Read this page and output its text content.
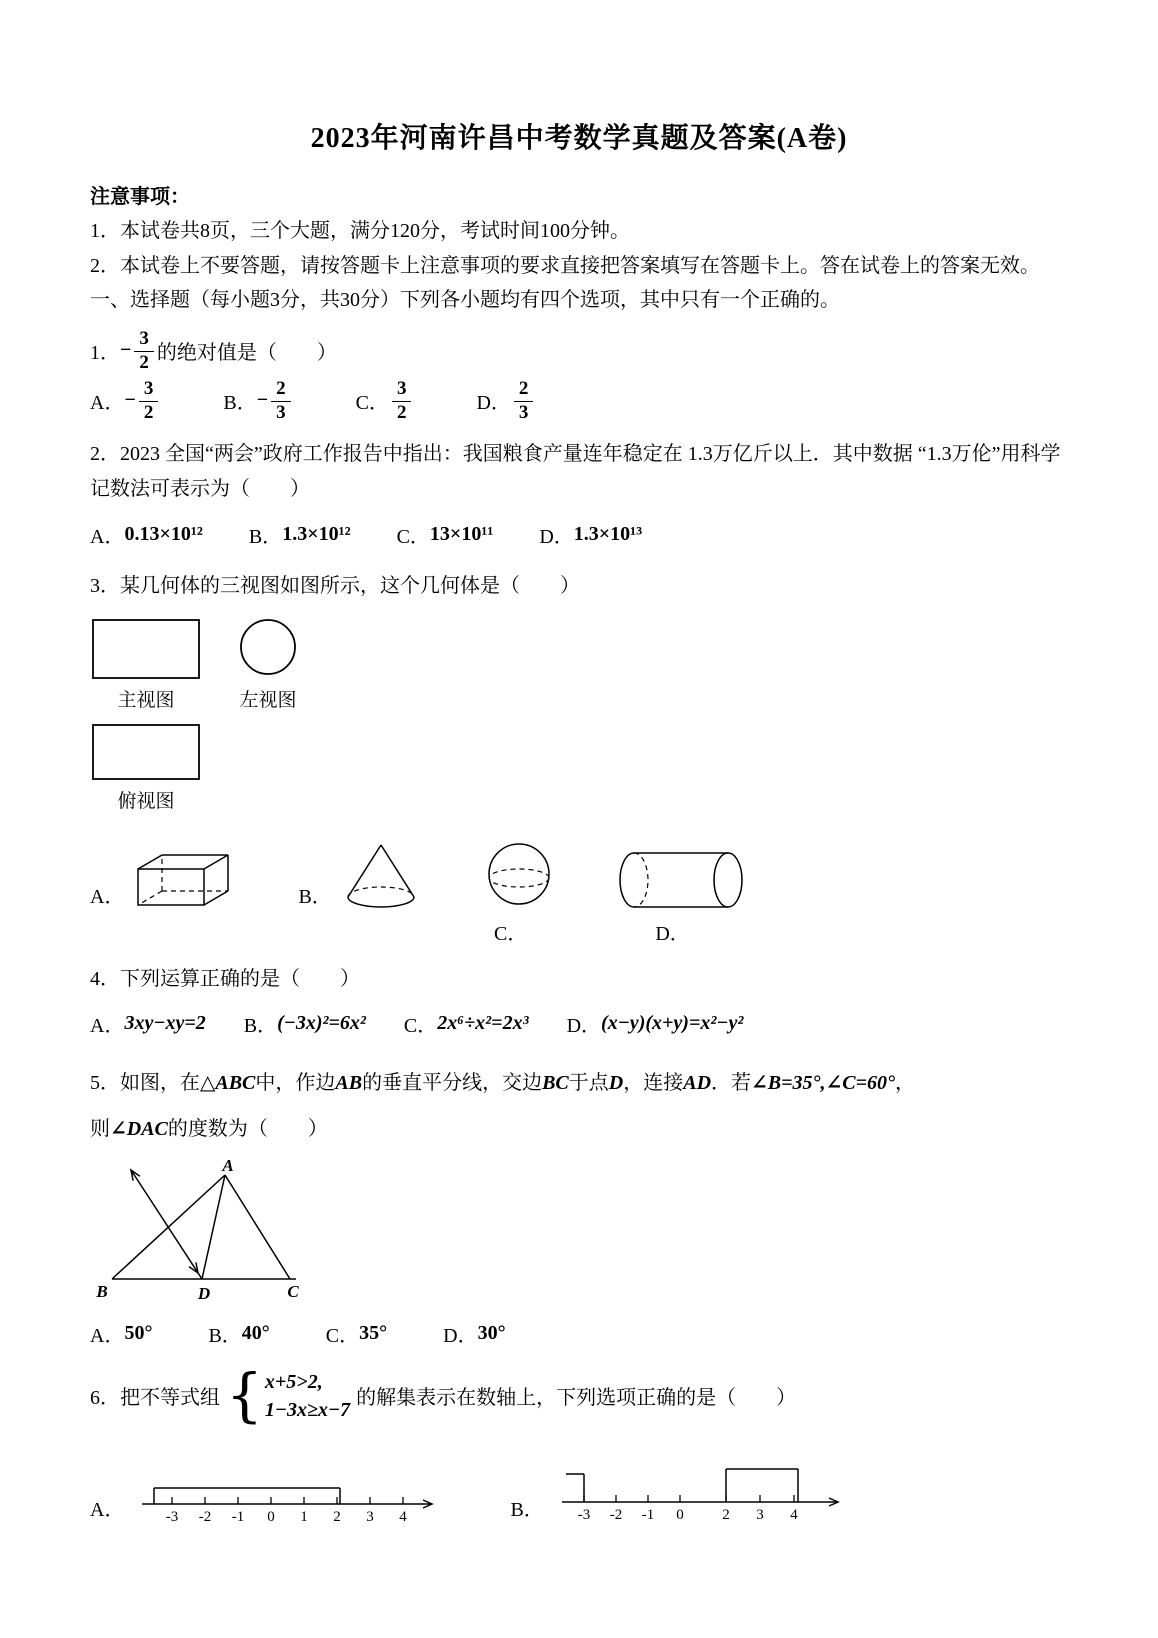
2023年河南许昌中考数学真题及答案(A卷)

注意事项：

1．本试卷共8页，三个大题，满分120分，考试时间100分钟。

2．本试卷上不要答题，请按答题卡上注意事项的要求直接把答案填写在答题卡上。答在试卷上的答案无效。

一、选择题（每小题3分，共30分）下列各小题均有四个选项，其中只有一个正确的。

1． − $\frac{3}{2}$ 的绝对值是（　　）
A． − $\frac{3}{2}$	B． − $\frac{2}{3}$	C． $\frac{3}{2}$	D． $\frac{2}{3}$

2．2023 全国“两会”政府工作报告中指出：我国粮食产量连年稳定在 1.3万亿斤以上．其中数据 “1.3万伦”用科学记数法可表示为（　　）

A． 0.13×10¹² B． 1.3×10¹² C． 13×10¹¹ D． 1.3×10¹³

3．某几何体的三视图如图所示，这个几何体是（　　）

主视图	左视图
俯视图
A．	B．
C．	D．

4．下列运算正确的是（　　）

A． 3xy−xy=2 B． (−3x)²=6x² C． 2x⁶÷x²=2x³ D． (x−y)(x+y)=x²−y²

5．如图，在△ABC中，作边AB的垂直平分线，交边BC于点D，连接AD．若∠B=35°,∠C=60°，

则∠DAC的度数为（　　）

A
B	D	C
A． 50°	B． 40°	C． 35°	D． 30°
6．把不等式组 { x+5>2,
1−3x≥x−7
的解集表示在数轴上，下列选项正确的是（　　）
A．	-3 -2 -1 0 1 2 3 4	B． -3 -2 -1 0	2 3 4
